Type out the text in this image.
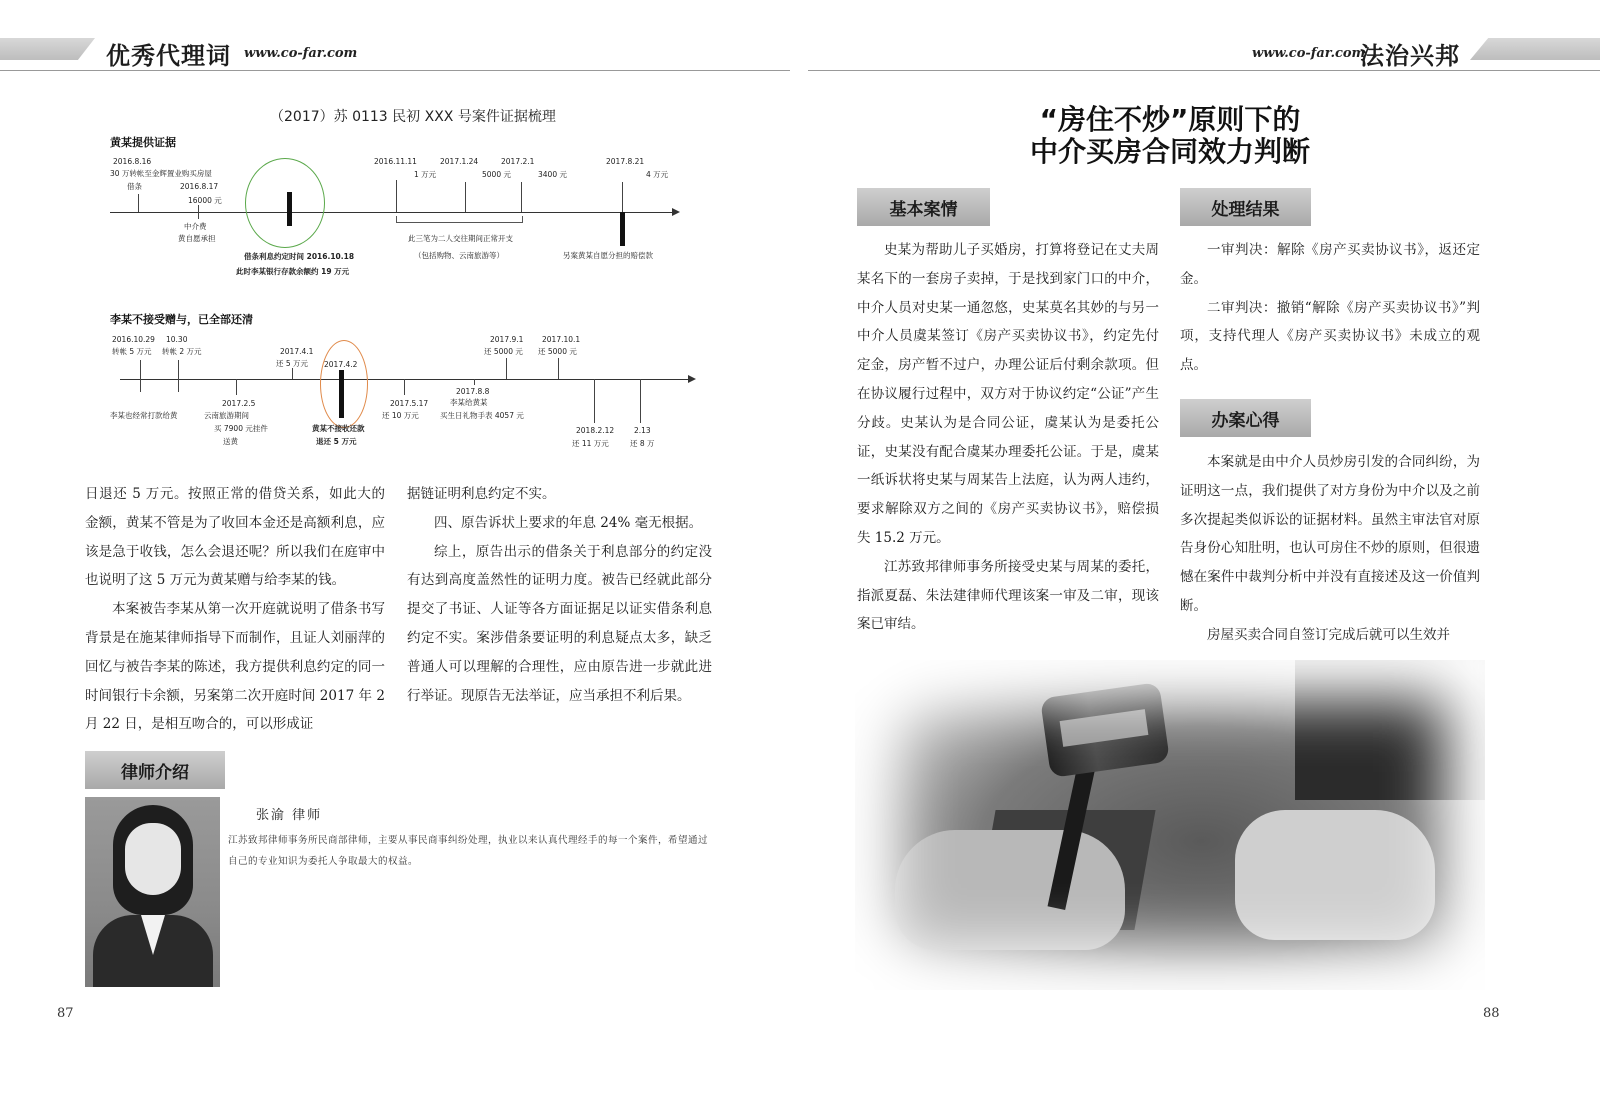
优秀代理词 www.co-far.com	www.co-far.com
法治兴邦
（2017）苏 0113 民初 XXX 号案件证据梳理
黄某提供证据
2016.8.16
30 万转帐至金辉置业购买房屋
借条	2016.8.17
16000 元
中介费
黄自愿承担
借条利息约定时间 2016.10.18
此时李某银行存款余额约 19 万元
2016.11.11
1 万元
2017.1.24
5000 元
2017.2.1
3400 元
此三笔为二人交往期间正常开支
（包括购物、云南旅游等）
2017.8.21
4 万元
另案黄某自愿分担的赔偿款
李某不接受赠与，已全部还清
2016.10.29
转帐 5 万元
10.30
转帐 2 万元
李某也经常打款给黄
2017.2.5
云南旅游期间
买 7900 元挂件
送黄
2017.4.1
还 5 万元 2017.4.2
黄某不接收还款
退还 5 万元
2017.5.17
还 10 万元
2017.8.8
李某给黄某
买生日礼物手表 4057 元
2017.9.1
还 5000 元
2017.10.1
还 5000 元
2018.2.12
还 11 万元
2.13
还 8 万

日退还 5 万元。按照正常的借贷关系，如此大的金额，黄某不管是为了收回本金还是高额利息，应该是急于收钱，怎么会退还呢？所以我们在庭审中也说明了这 5 万元为黄某赠与给李某的钱。

本案被告李某从第一次开庭就说明了借条书写背景是在施某律师指导下而制作，且证人刘丽萍的回忆与被告李某的陈述，我方提供利息约定的同一时间银行卡余额，另案第二次开庭时间 2017 年 2 月 22 日，是相互吻合的，可以形成证

据链证明利息约定不实。

四、原告诉状上要求的年息 24% 毫无根据。

综上，原告出示的借条关于利息部分的约定没有达到高度盖然性的证明力度。被告已经就此部分提交了书证、人证等各方面证据足以证实借条利息约定不实。案涉借条要证明的利息疑点太多，缺乏普通人可以理解的合理性，应由原告进一步就此进行举证。现原告无法举证，应当承担不利后果。

律师介绍
张渝 律师
江苏致邦律师事务所民商部律师，主要从事民商事纠纷处理，执业以来认真代理经手的每一个案件，希望通过自己的专业知识为委托人争取最大的权益。
87
“房住不炒”原则下的
中介买房合同效力判断
基本案情

史某为帮助儿子买婚房，打算将登记在丈夫周某名下的一套房子卖掉，于是找到家门口的中介，中介人员对史某一通忽悠，史某莫名其妙的与另一中介人员虞某签订《房产买卖协议书》，约定先付定金，房产暂不过户，办理公证后付剩余款项。但在协议履行过程中，双方对于协议约定“公证”产生分歧。史某认为是合同公证，虞某认为是委托公证，史某没有配合虞某办理委托公证。于是，虞某一纸诉状将史某与周某告上法庭，认为两人违约，要求解除双方之间的《房产买卖协议书》，赔偿损失 15.2 万元。

江苏致邦律师事务所接受史某与周某的委托，指派夏磊、朱法建律师代理该案一审及二审，现该案已审结。

处理结果

一审判决：解除《房产买卖协议书》，返还定金。

二审判决：撤销“解除《房产买卖协议书》”判项，支持代理人《房产买卖协议书》未成立的观点。

办案心得

本案就是由中介人员炒房引发的合同纠纷，为证明这一点，我们提供了对方身份为中介以及之前多次提起类似诉讼的证据材料。虽然主审法官对原告身份心知肚明，也认可房住不炒的原则，但很遗憾在案件中裁判分析中并没有直接述及这一价值判断。

房屋买卖合同自签订完成后就可以生效并

88
